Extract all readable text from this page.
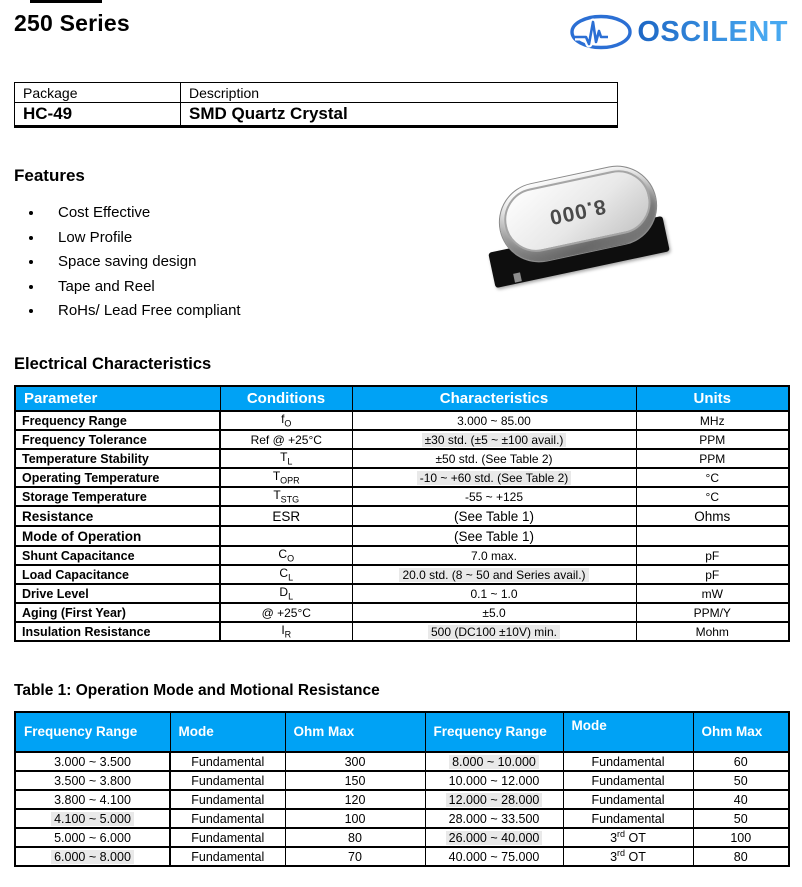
250 Series	OSCILENT
Package	Description
HC-49	SMD Quartz Crystal
Features
• Cost Effective
• Low Profile
• Space saving design
• Tape and Reel
• RoHs/ Lead Free compliant
8.000
Electrical Characteristics
Parameter	Conditions	Characteristics	Units
Frequency Range	$f_O$	3.000 ~ 85.00	MHz
Frequency Tolerance	Ref @ +25°C	±30 std. (±5 ~ ±100 avail.)	PPM
Temperature Stability	$T_L$	±50 std. (See Table 2)	PPM
Operating Temperature	$T_{OPR}$	-10 ~ +60 std. (See Table 2)	°C
Storage Temperature	$T_{STG}$	-55 ~ +125	°C
Resistance	ESR	(See Table 1)	Ohms
Mode of Operation		(See Table 1)	
Shunt Capacitance	$C_O$	7.0 max.	pF
Load Capacitance	$C_L$	20.0 std. (8 ~ 50 and Series avail.)	pF
Drive Level	$D_L$	0.1 ~ 1.0	mW
Aging (First Year)	@ +25°C	±5.0	PPM/Y
Insulation Resistance	$I_R$	500 (DC100 ±10V) min.	Mohm
Table 1: Operation Mode and Motional Resistance
Frequency Range	Mode	Ohm Max	Frequency Range	Mode	Ohm Max
3.000 ~ 3.500	Fundamental	300	8.000 ~ 10.000	Fundamental	60
3.500 ~ 3.800	Fundamental	150	10.000 ~ 12.000	Fundamental	50
3.800 ~ 4.100	Fundamental	120	12.000 ~ 28.000	Fundamental	40
4.100 ~ 5.000	Fundamental	100	28.000 ~ 33.500	Fundamental	50
5.000 ~ 6.000	Fundamental	80	26.000 ~ 40.000	3rd OT	100
6.000 ~ 8.000	Fundamental	70	40.000 ~ 75.000	3rd OT	80
